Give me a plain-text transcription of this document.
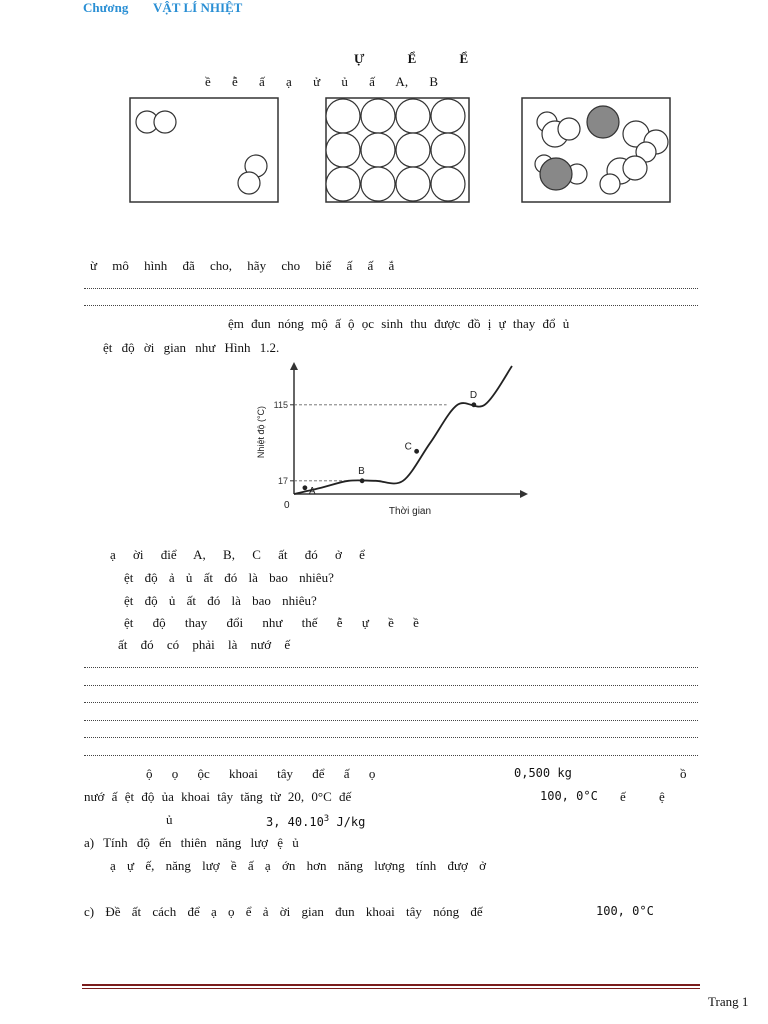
Chương VẬT LÍ NHIỆT
Ự Ể Ể
ề ễ ấ ạ ử ủ ấ A, B
ừ mô hình đã cho, hãy cho biế ấ ấ ắ
ệm đun nóng mộ ấ ộ ọc sinh thu được đồ ị ự thay đổ ủ
ệt độ ời gian như Hình 1.2.
17
115
A
B
C
D
Thời gian
Nhiệt độ (°C)
0
ạ ời điể A, B, C ất đó ở ể
ệt độ ả ủ ất đó là bao nhiêu?
ệt độ ủ ất đó là bao nhiêu?
ệt độ thay đổi như thế ễ ự ề ề
ất đó có phải là nướ ế
ộ ọ ộc khoai tây để ấ ọ	0,500 kg	ồ
nướ ấ ệt độ ủa khoai tây tăng từ 20, 0°C đế	100, 0°C ế ệ
ủ	3, 40.10$^3$ J/kg
a) Tính độ ến thiên năng lượ ệ ủ
ạ ự ế, năng lượ ề ấ ạ ớn hơn năng lượng tính đượ ở
c) Đề ất cách để ạ ọ ể ả ời gian đun khoai tây nóng đế	100, 0°C
Trang 1
